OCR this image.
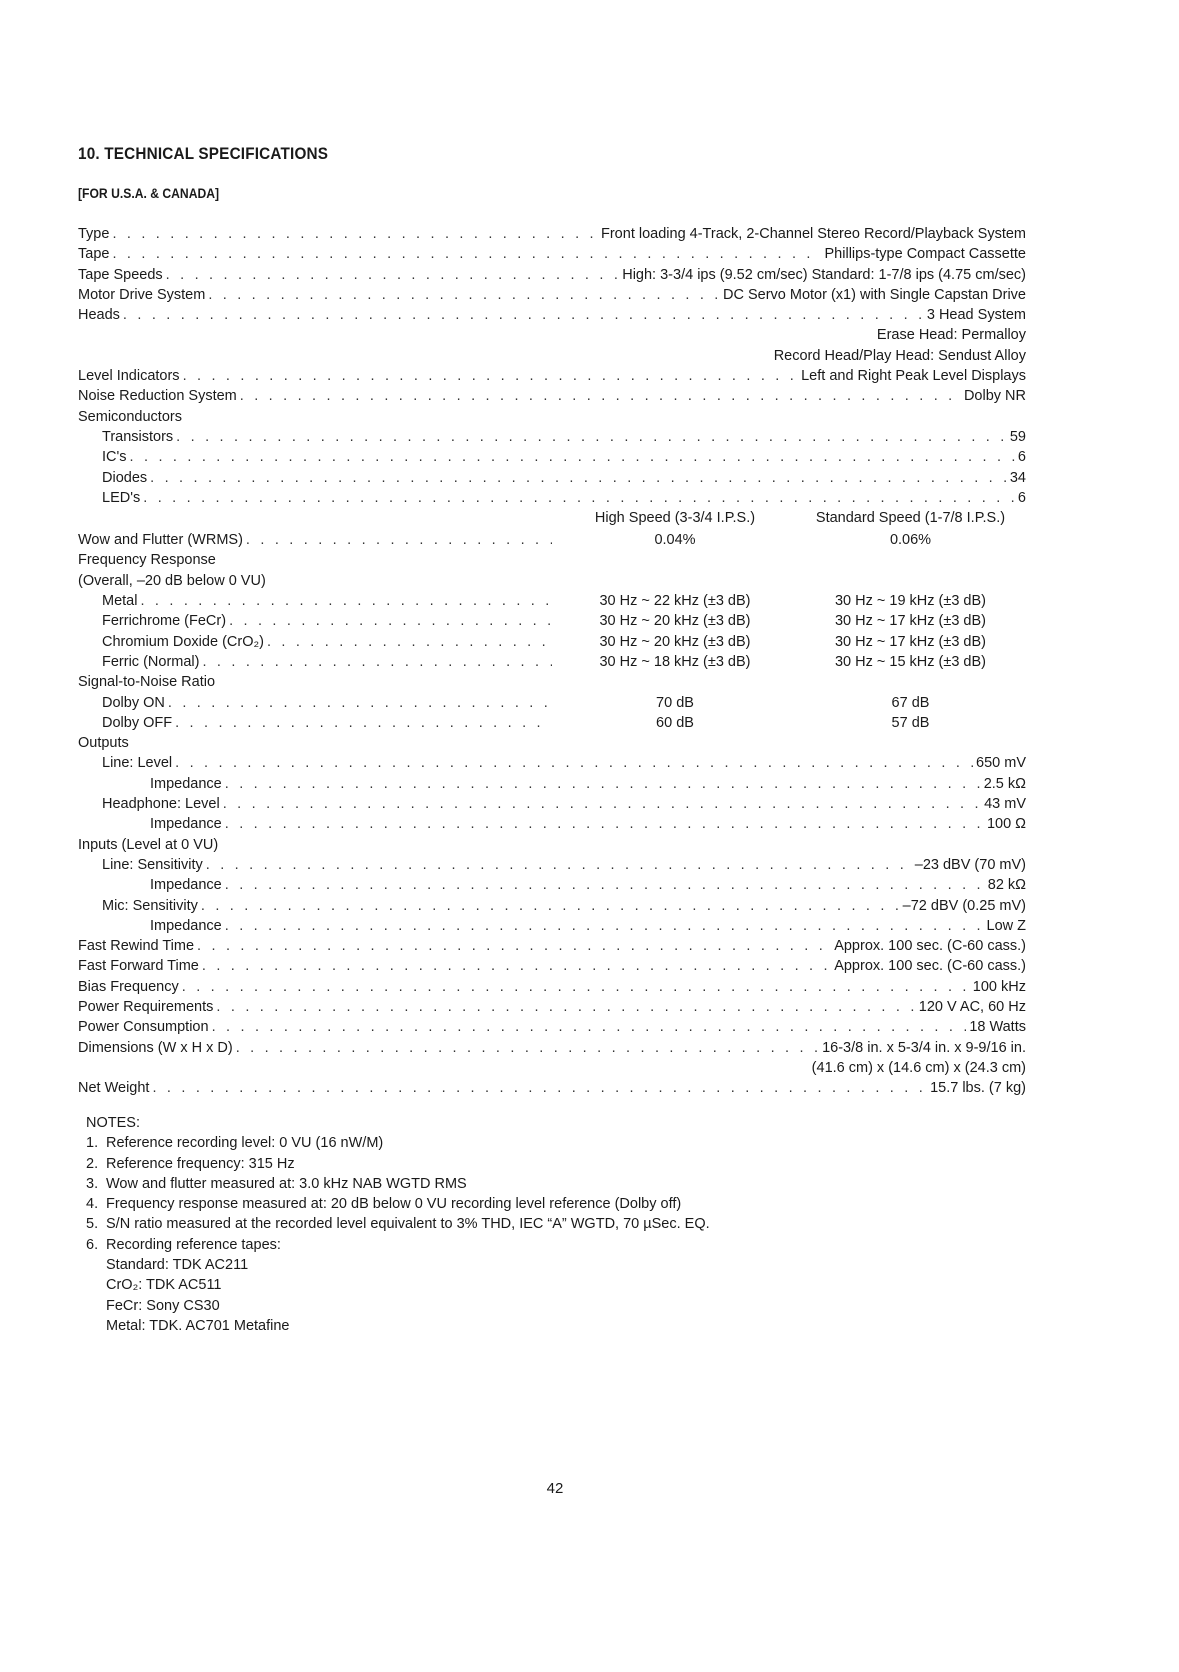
10. TECHNICAL SPECIFICATIONS
[FOR U.S.A. & CANADA]
Type . . .	Front loading 4-Track, 2-Channel Stereo Record/Playback System
Tape . . .	Phillips-type Compact Cassette
Tape Speeds . . .	High: 3-3/4 ips (9.52 cm/sec) Standard: 1-7/8 ips (4.75 cm/sec)
Motor Drive System . . .	DC Servo Motor (x1) with Single Capstan Drive
Heads . . .	3 Head System
Erase Head: Permalloy
Record Head/Play Head: Sendust Alloy
Level Indicators . . .	Left and Right Peak Level Displays
Noise Reduction System . . .	Dolby NR
Semiconductors
Transistors . . .	59
IC's . . .	6
Diodes . . .	34
LED's . . .	6
High Speed (3-3/4 I.P.S.)	Standard Speed (1-7/8 I.P.S.)
Wow and Flutter (WRMS) . . .	0.04%	0.06%
Frequency Response
(Overall, –20 dB below 0 VU)
Metal . . .	30 Hz ~ 22 kHz (±3 dB)	30 Hz ~ 19 kHz (±3 dB)
Ferrichrome (FeCr) . . .	30 Hz ~ 20 kHz (±3 dB)	30 Hz ~ 17 kHz (±3 dB)
Chromium Doxide (CrO₂) . . .	30 Hz ~ 20 kHz (±3 dB)	30 Hz ~ 17 kHz (±3 dB)
Ferric (Normal) . . .	30 Hz ~ 18 kHz (±3 dB)	30 Hz ~ 15 kHz (±3 dB)
Signal-to-Noise Ratio
Dolby ON . . .	70 dB	67 dB
Dolby OFF . . .	60 dB	57 dB
Outputs
Line: Level . . .	650 mV
Impedance . . .	2.5 kΩ
Headphone: Level . . .	43 mV
Impedance . . .	100 Ω
Inputs (Level at 0 VU)
Line: Sensitivity . . .	–23 dBV (70 mV)
Impedance . . .	82 kΩ
Mic: Sensitivity . . .	–72 dBV (0.25 mV)
Impedance . . .	Low Z
Fast Rewind Time . . .	Approx. 100 sec. (C-60 cass.)
Fast Forward Time . . .	Approx. 100 sec. (C-60 cass.)
Bias Frequency . . .	100 kHz
Power Requirements . . .	120 V AC, 60 Hz
Power Consumption . . .	18 Watts
Dimensions (W x H x D) . . .	16-3/8 in. x 5-3/4 in. x 9-9/16 in.
(41.6 cm) x (14.6 cm) x (24.3 cm)
Net Weight . . .	15.7 lbs. (7 kg)
NOTES:
1. Reference recording level: 0 VU (16 nW/M)
2. Reference frequency: 315 Hz
3. Wow and flutter measured at: 3.0 kHz NAB WGTD RMS
4. Frequency response measured at: 20 dB below 0 VU recording level reference (Dolby off)
5. S/N ratio measured at the recorded level equivalent to 3% THD, IEC “A” WGTD, 70 µSec. EQ.
6. Recording reference tapes:
Standard: TDK AC211
CrO₂: TDK AC511
FeCr: Sony CS30
Metal: TDK. AC701 Metafine
42
